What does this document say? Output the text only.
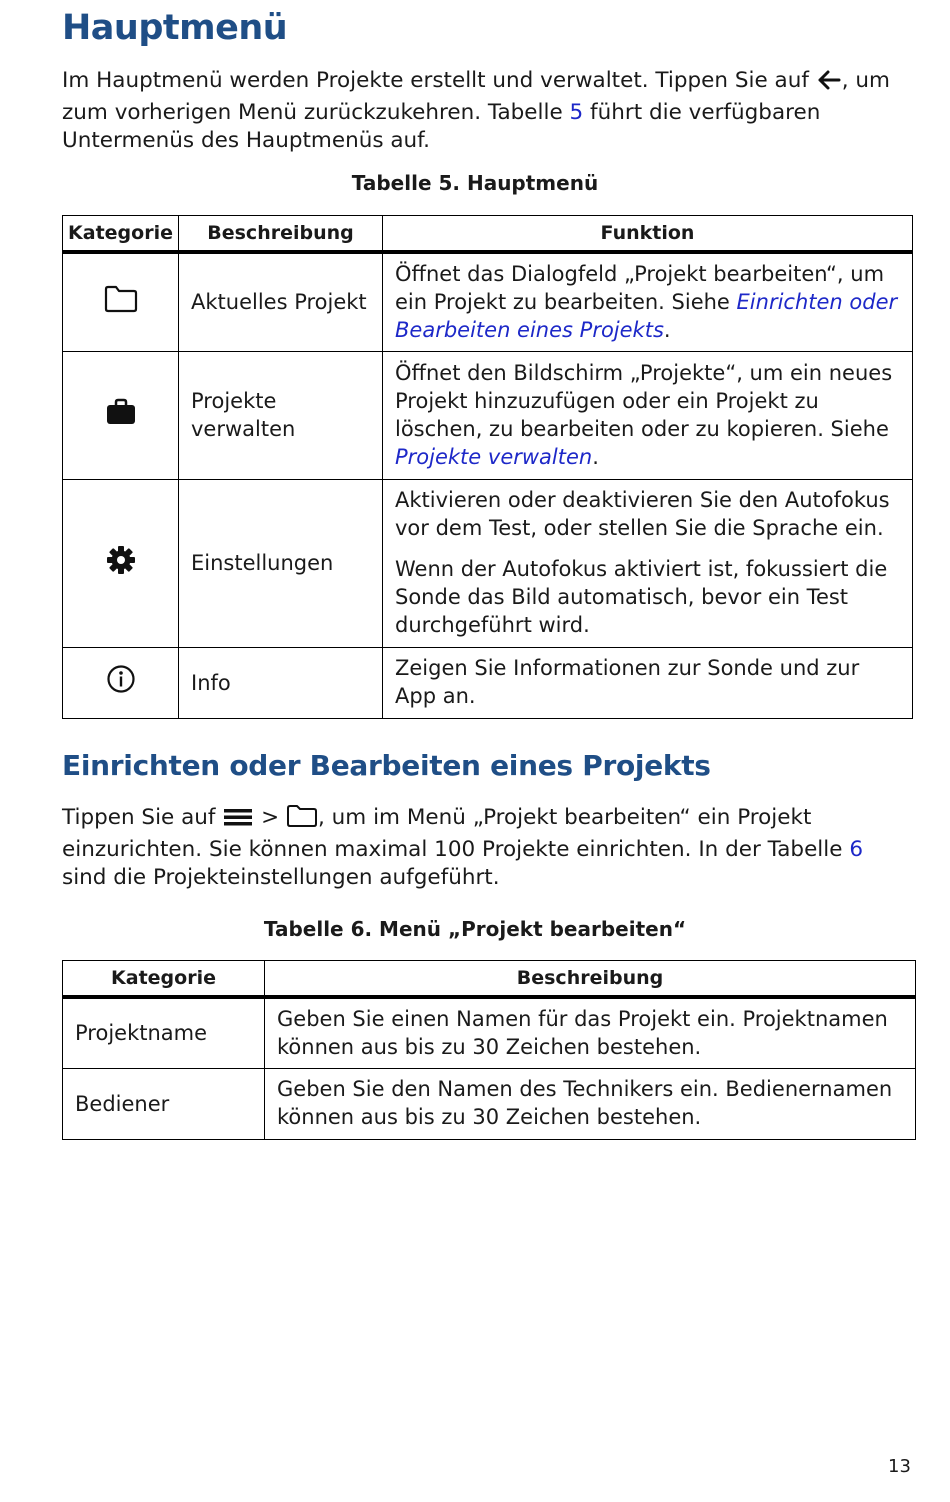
Hauptmenü

Im Hauptmenü werden Projekte erstellt und verwaltet. Tippen Sie auf , um zum vorherigen Menü zurückzukehren. Tabelle 5 führt die verfügbaren Untermenüs des Hauptmenüs auf.

Tabelle 5. Hauptmenü
Kategorie	Beschreibung	Funktion
	Aktuelles Projekt	Öffnet das Dialogfeld „Projekt bearbeiten“, um ein Projekt zu bearbeiten. Siehe Einrichten oder Bearbeiten eines Projekts.

	Projekte verwalten	Öffnet den Bildschirm „Projekte“, um ein neues Projekt hinzuzufügen oder ein Projekt zu löschen, zu bearbeiten oder zu kopieren. Siehe Projekte verwalten.

	Einstellungen	Aktivieren oder deaktivieren Sie den Autofokus vor dem Test, oder stellen Sie die Sprache ein.

Wenn der Autofokus aktiviert ist, fokussiert die Sonde das Bild automatisch, bevor ein Test durchgeführt wird.

	Info	Zeigen Sie Informationen zur Sonde und zur App an.
Einrichten oder Bearbeiten eines Projekts

Tippen Sie auf  > , um im Menü „Projekt bearbeiten“ ein Projekt einzurichten. Sie können maximal 100 Projekte einrichten. In der Tabelle 6 sind die Projekteinstellungen aufgeführt.

Tabelle 6. Menü „Projekt bearbeiten“
Kategorie	Beschreibung
Projektname	Geben Sie einen Namen für das Projekt ein. Projektnamen können aus bis zu 30 Zeichen bestehen.
Bediener	Geben Sie den Namen des Technikers ein. Bedienernamen können aus bis zu 30 Zeichen bestehen.
13
